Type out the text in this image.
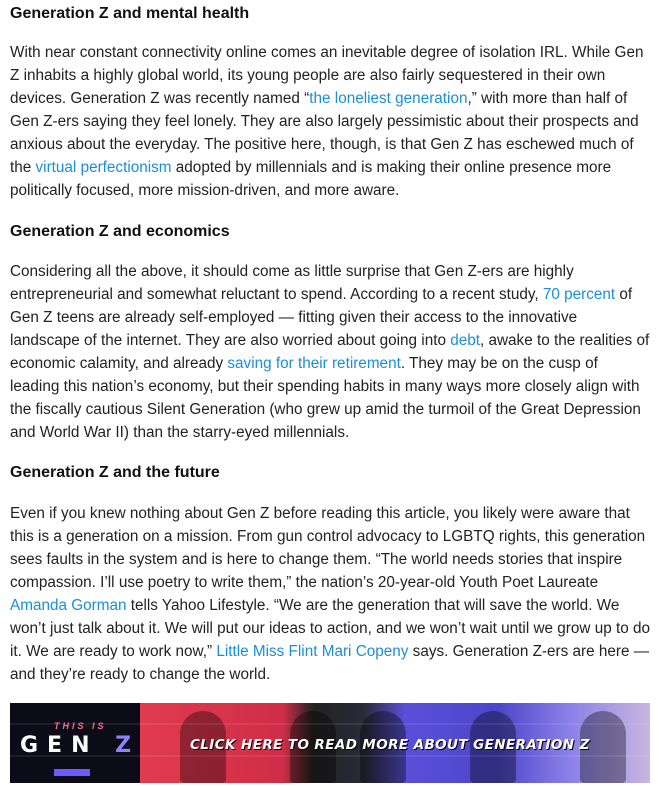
Generation Z and mental health

With near constant connectivity online comes an inevitable degree of isolation IRL. While Gen Z inhabits a highly global world, its young people are also fairly sequestered in their own devices. Generation Z was recently named “the loneliest generation,” with more than half of Gen Z-ers saying they feel lonely. They are also largely pessimistic about their prospects and anxious about the everyday. The positive here, though, is that Gen Z has eschewed much of the virtual perfectionism adopted by millennials and is making their online presence more politically focused, more mission-driven, and more aware.

Generation Z and economics

Considering all the above, it should come as little surprise that Gen Z-ers are highly entrepreneurial and somewhat reluctant to spend. According to a recent study, 70 percent of Gen Z teens are already self-employed — fitting given their access to the innovative landscape of the internet. They are also worried about going into debt, awake to the realities of economic calamity, and already saving for their retirement. They may be on the cusp of leading this nation’s economy, but their spending habits in many ways more closely align with the fiscally cautious Silent Generation (who grew up amid the turmoil of the Great Depression and World War II) than the starry-eyed millennials.

Generation Z and the future

Even if you knew nothing about Gen Z before reading this article, you likely were aware that this is a generation on a mission. From gun control advocacy to LGBTQ rights, this generation sees faults in the system and is here to change them. “The world needs stories that inspire compassion. I’ll use poetry to write them,” the nation’s 20-year-old Youth Poet Laureate Amanda Gorman tells Yahoo Lifestyle. “We are the generation that will save the world. We won’t just talk about it. We will put our ideas to action, and we won’t wait until we grow up to do it. We are ready to work now,” Little Miss Flint Mari Copeny says. Generation Z-ers are here — and they’re ready to change the world.

THIS IS
GEN Z	CLICK HERE TO READ MORE ABOUT GENERATION Z
